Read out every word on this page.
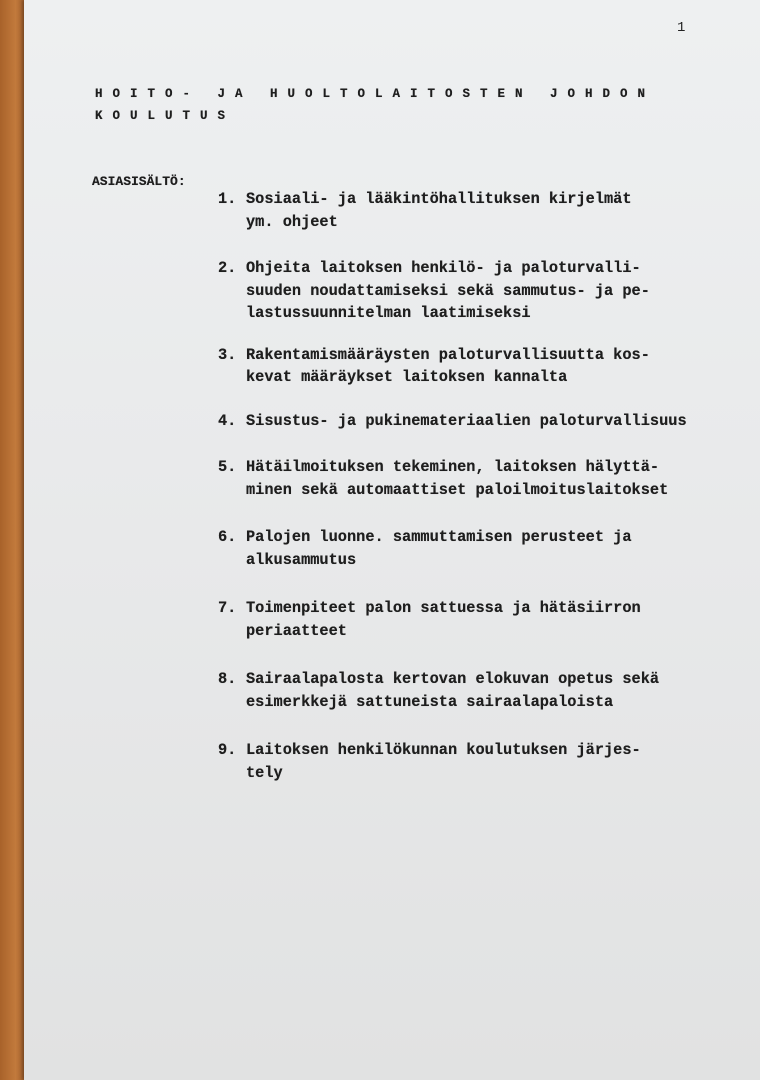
1
HOITO- JA HUOLTOLAITOSTEN JOHDON
KOULUTUS
ASIASISÄLTÖ:
1. Sosiaali- ja lääkintöhallituksen kirjelmät
ym. ohjeet
2. Ohjeita laitoksen henkilö- ja paloturvalli-
suuden noudattamiseksi sekä sammutus- ja pe-
lastussuunnitelman laatimiseksi
3. Rakentamismääräysten paloturvallisuutta kos-
kevat määräykset laitoksen kannalta
4. Sisustus- ja pukinemateriaalien paloturvallisuus
5. Hätäilmoituksen tekeminen, laitoksen hälyttä-
minen sekä automaattiset paloilmoituslaitokset
6. Palojen luonne. sammuttamisen perusteet ja
alkusammutus
7. Toimenpiteet palon sattuessa ja hätäsiirron
periaatteet
8. Sairaalapalosta kertovan elokuvan opetus sekä
esimerkkejä sattuneista sairaalapaloista
9. Laitoksen henkilökunnan koulutuksen järjes-
tely
